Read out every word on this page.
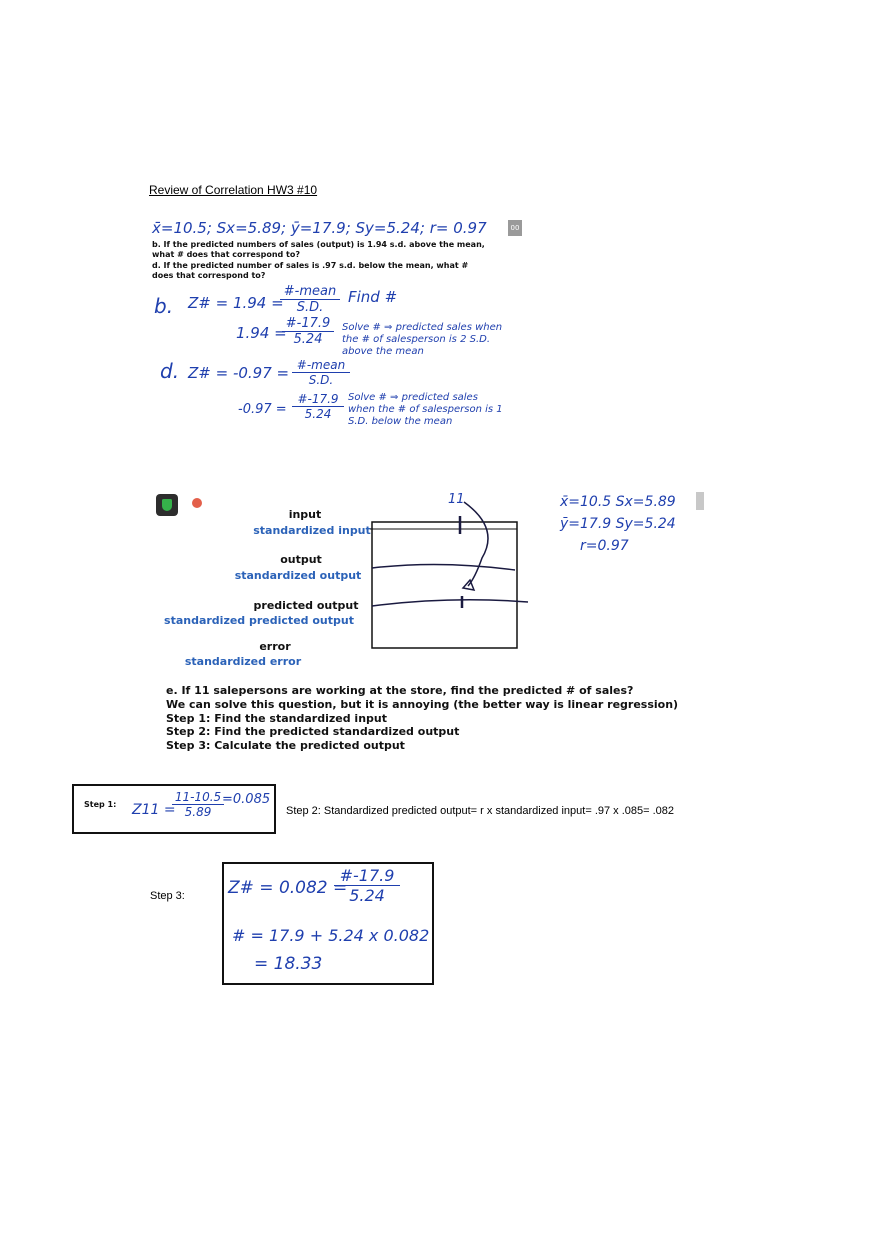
Review of Correlation HW3 #10
x̄=10.5; Sx=5.89; ȳ=17.9; Sy=5.24; r= 0.97
b. If the predicted numbers of sales (output) is 1.94 s.d. above the mean, what # does that correspond to?
d. If the predicted number of sales is .97 s.d. below the mean, what # does that correspond to?
b. Z# = 1.94 =
#-mean
S.D.
Find #
1.94 =
$\frac{\#-17.9}{5.24}$ Solve # ⇒ predicted sales when the # of salesperson is 2 S.D. above the mean
d. Z# = -0.97 = #-mean
S.D.
$-0.97 = \frac{\#-17.9}{5.24}$ Solve # ⇒ predicted sales when the # of salesperson is 1 S.D. below the mean
00
input
standardized input
output
standardized output
predicted output
standardized predicted output
error
standardized error
11	x̄=10.5 Sx=5.89
ȳ=17.9 Sy=5.24
r=0.97
e. If 11 salepersons are working at the store, find the predicted # of sales?
We can solve this question, but it is annoying (the better way is linear regression)
Step 1: Find the standardized input
Step 2: Find the predicted standardized output
Step 3: Calculate the predicted output
Step 1: Z11 =
$\frac{11-10.5}{5.89}$
=0.085
Step 2: Standardized predicted output= r x standardized input= .97 x .085= .082
Step 3:	Z# = 0.082 =
$\frac{\#-17.9}{5.24}$
# = 17.9 + 5.24 x 0.082
= 18.33
